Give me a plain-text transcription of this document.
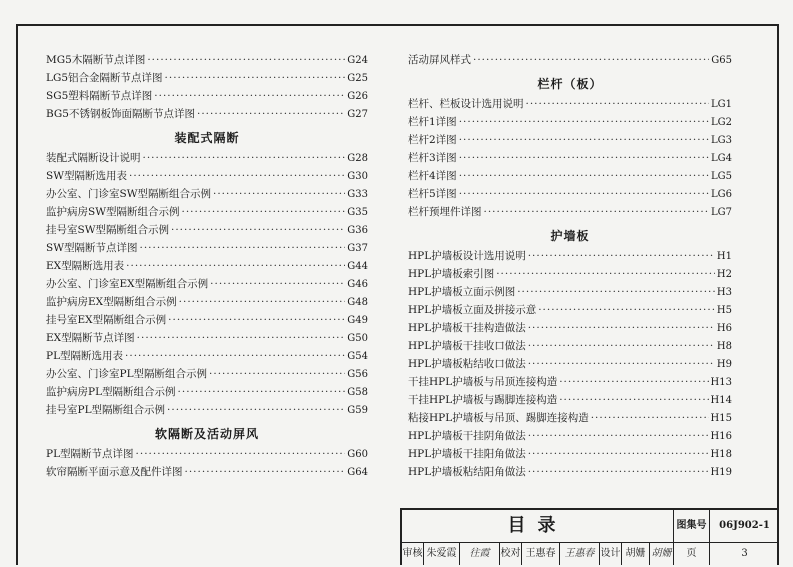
MG5木隔断节点详图 ·····	G24
LG5铝合金隔断节点详图 ·····	G25
SG5塑料隔断节点详图 ·····	G26
BG5不锈钢板饰面隔断节点详图 ·····	G27
装配式隔断
装配式隔断设计说明 ·····	G28
SW型隔断选用表 ·····	G30
办公室、门诊室SW型隔断组合示例 ·····	G33
监护病房SW型隔断组合示例 ·····	G35
挂号室SW型隔断组合示例 ·····	G36
SW型隔断节点详图 ·····	G37
EX型隔断选用表 ·····	G44
办公室、门诊室EX型隔断组合示例 ·····	G46
监护病房EX型隔断组合示例 ·····	G48
挂号室EX型隔断组合示例 ·····	G49
EX型隔断节点详图 ·····	G50
PL型隔断选用表 ·····	G54
办公室、门诊室PL型隔断组合示例 ·····	G56
监护病房PL型隔断组合示例 ·····	G58
挂号室PL型隔断组合示例 ·····	G59
软隔断及活动屏风
PL型隔断节点详图 ·····	G60
软帘隔断平面示意及配件详图 ·····	G64
活动屏风样式 ·····	G65
栏杆（板）
栏杆、栏板设计选用说明 ·····	LG1
栏杆1详图 ·····	LG2
栏杆2详图 ·····	LG3
栏杆3详图 ·····	LG4
栏杆4详图 ·····	LG5
栏杆5详图 ·····	LG6
栏杆预埋件详图 ·····	LG7
护墙板
HPL护墙板设计选用说明 ·····	H1
HPL护墙板索引图 ·····	H2
HPL护墙板立面示例图 ·····	H3
HPL护墙板立面及拼接示意 ·····	H5
HPL护墙板干挂构造做法 ·····	H6
HPL护墙板干挂收口做法 ·····	H8
HPL护墙板粘结收口做法 ·····	H9
干挂HPL护墙板与吊顶连接构造 ·····	H13
干挂HPL护墙板与踢脚连接构造 ·····	H14
粘接HPL护墙板与吊顶、踢脚连接构造 ·····	H15
HPL护墙板干挂阴角做法 ·····	H16
HPL护墙板干挂阳角做法 ·····	H18
HPL护墙板粘结阳角做法 ·····	H19
目录	图集号	06J902-1
审核 朱爱霞	往霞	校对 王惠春 王惠春 设计 胡姗 胡姗	页	3
